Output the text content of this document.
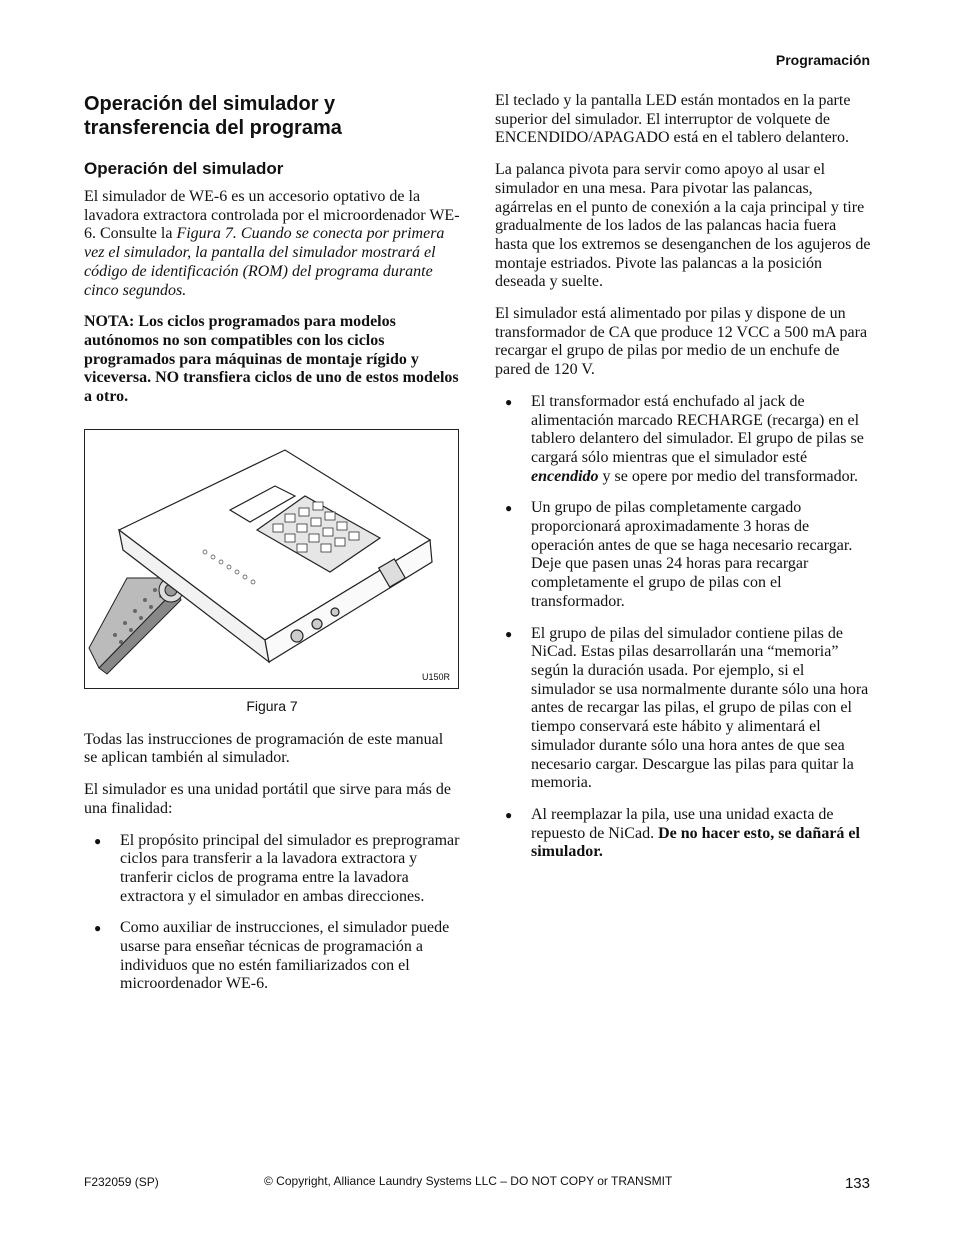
Programación
Operación del simulador y transferencia del programa
Operación del simulador

El simulador de WE-6 es un accesorio optativo de la lavadora extractora controlada por el microordenador WE-6. Consulte la Figura 7. Cuando se conecta por primera vez el simulador, la pantalla del simulador mostrará el código de identificación (ROM) del programa durante cinco segundos.

NOTA: Los ciclos programados para modelos autónomos no son compatibles con los ciclos programados para máquinas de montaje rígido y viceversa. NO transfiera ciclos de uno de estos modelos a otro.

U150R
Figura 7

Todas las instrucciones de programación de este manual se aplican también al simulador.

El simulador es una unidad portátil que sirve para más de una finalidad:

● El propósito principal del simulador es preprogramar ciclos para transferir a la lavadora extractora y tranferir ciclos de programa entre la lavadora extractora y el simulador en ambas direcciones.
● Como auxiliar de instrucciones, el simulador puede usarse para enseñar técnicas de programación a individuos que no estén familiarizados con el microordenador WE-6.

El teclado y la pantalla LED están montados en la parte superior del simulador. El interruptor de volquete de ENCENDIDO/APAGADO está en el tablero delantero.

La palanca pivota para servir como apoyo al usar el simulador en una mesa. Para pivotar las palancas, agárrelas en el punto de conexión a la caja principal y tire gradualmente de los lados de las palancas hacia fuera hasta que los extremos se desenganchen de los agujeros de montaje estriados. Pivote las palancas a la posición deseada y suelte.

El simulador está alimentado por pilas y dispone de un transformador de CA que produce 12 VCC a 500 mA para recargar el grupo de pilas por medio de un enchufe de pared de 120 V.

● El transformador está enchufado al jack de alimentación marcado RECHARGE (recarga) en el tablero delantero del simulador. El grupo de pilas se cargará sólo mientras que el simulador esté encendido y se opere por medio del transformador.
● Un grupo de pilas completamente cargado proporcionará aproximadamente 3 horas de operación antes de que se haga necesario recargar. Deje que pasen unas 24 horas para recargar completamente el grupo de pilas con el transformador.
● El grupo de pilas del simulador contiene pilas de NiCad. Estas pilas desarrollarán una “memoria” según la duración usada. Por ejemplo, si el simulador se usa normalmente durante sólo una hora antes de recargar las pilas, el grupo de pilas con el tiempo conservará este hábito y alimentará el simulador durante sólo una hora antes de que sea necesario cargar. Descargue las pilas para quitar la memoria.
● Al reemplazar la pila, use una unidad exacta de repuesto de NiCad. De no hacer esto, se dañará el simulador.
F232059 (SP)	© Copyright, Alliance Laundry Systems LLC – DO NOT COPY or TRANSMIT	133
